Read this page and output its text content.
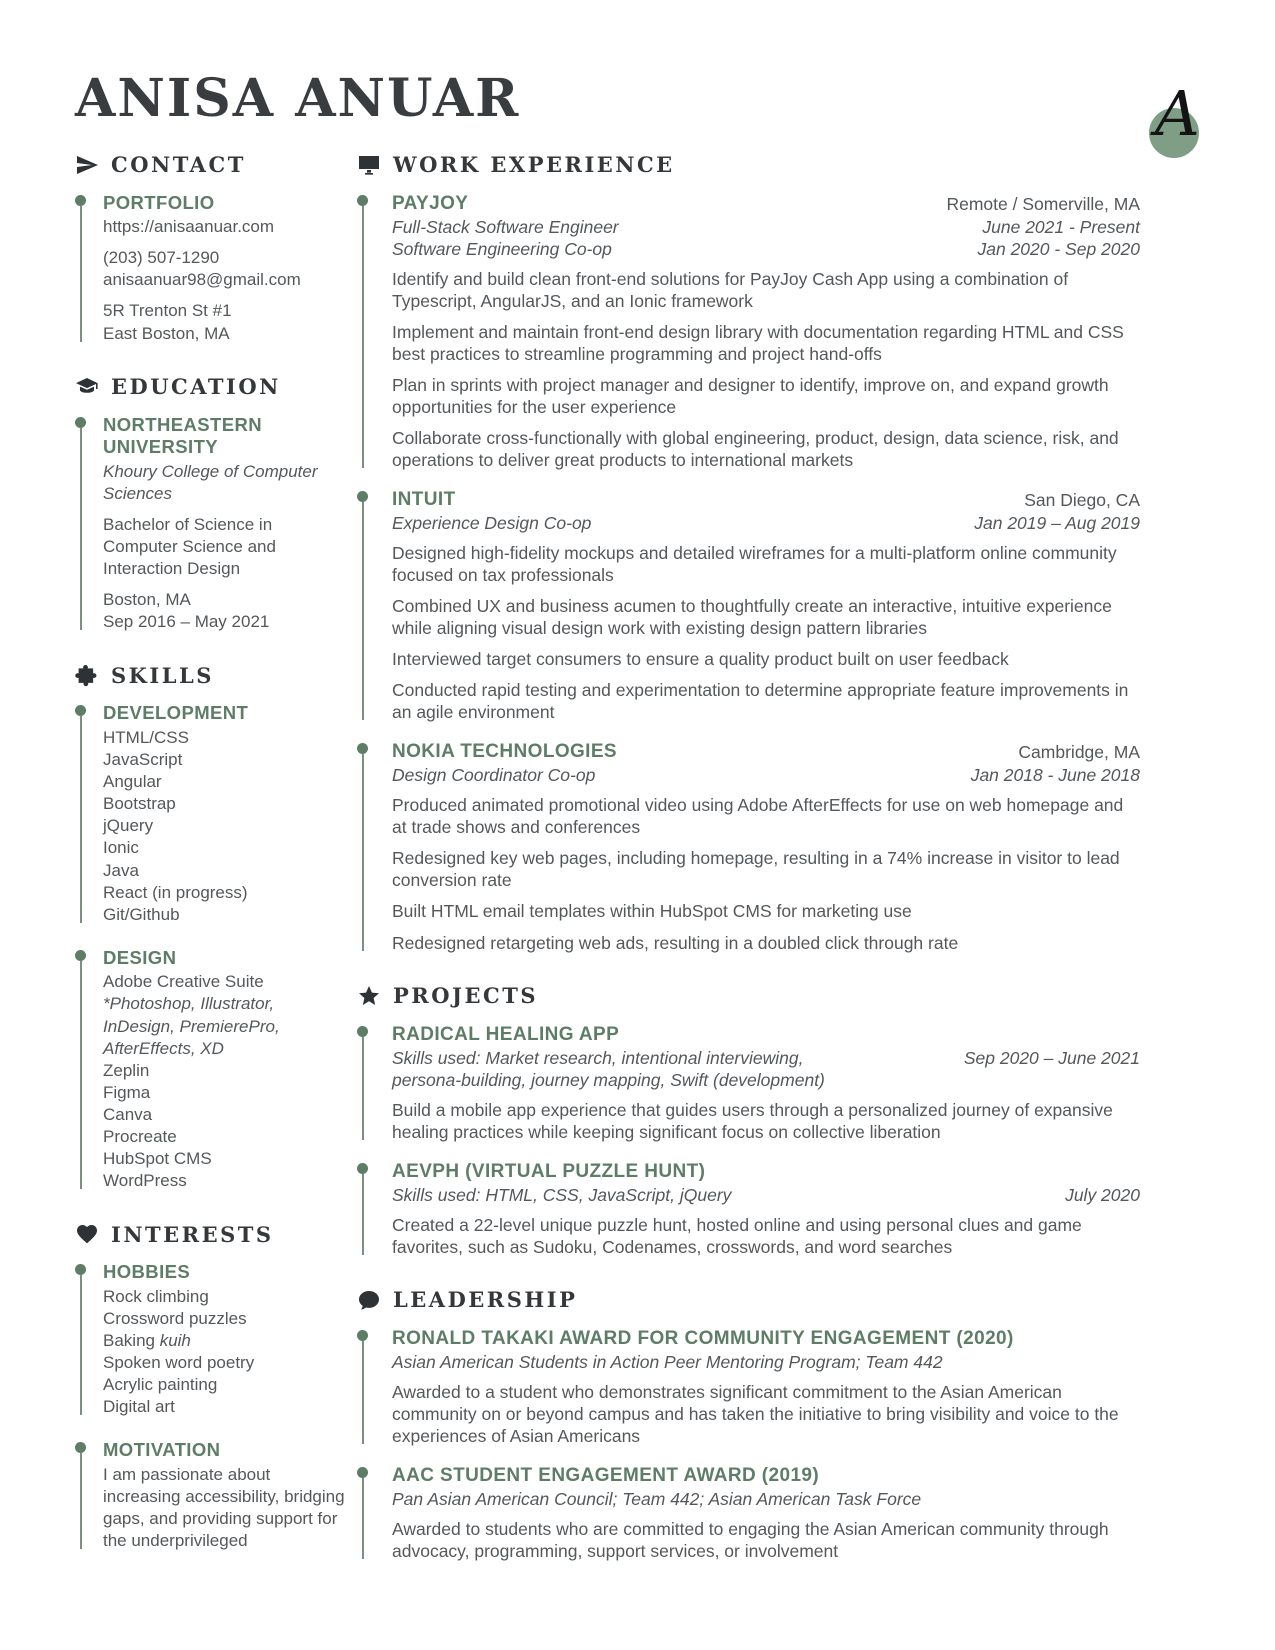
ANISA ANUAR	A
CONTACT
PORTFOLIO

https://anisaanuar.com

(203) 507-1290

anisaanuar98@gmail.com

5R Trenton St #1

East Boston, MA

EDUCATION
NORTHEASTERN UNIVERSITY

Khoury College of Computer Sciences

Bachelor of Science in Computer Science and Interaction Design

Boston, MA

Sep 2016 – May 2021

SKILLS
DEVELOPMENT

HTML/CSS

JavaScript

Angular

Bootstrap

jQuery

Ionic

Java

React (in progress)

Git/Github

DESIGN

Adobe Creative Suite

*Photoshop, Illustrator, InDesign, PremierePro, AfterEffects, XD

Zeplin

Figma

Canva

Procreate

HubSpot CMS

WordPress

INTERESTS
HOBBIES

Rock climbing

Crossword puzzles

Baking kuih

Spoken word poetry

Acrylic painting

Digital art

MOTIVATION

I am passionate about increasing accessibility, bridging gaps, and providing support for the underprivileged

WORK EXPERIENCE
PAYJOY

Full-Stack Software Engineer

Software Engineering Co-op

Remote / Somerville, MA

June 2021 - Present

Jan 2020 - Sep 2020

Identify and build clean front-end solutions for PayJoy Cash App using a combination of Typescript, AngularJS, and an Ionic framework

Implement and maintain front-end design library with documentation regarding HTML and CSS best practices to streamline programming and project hand-offs

Plan in sprints with project manager and designer to identify, improve on, and expand growth opportunities for the user experience

Collaborate cross-functionally with global engineering, product, design, data science, risk, and operations to deliver great products to international markets

INTUIT

Experience Design Co-op

San Diego, CA

Jan 2019 – Aug 2019

Designed high-fidelity mockups and detailed wireframes for a multi-platform online community focused on tax professionals

Combined UX and business acumen to thoughtfully create an interactive, intuitive experience while aligning visual design work with existing design pattern libraries

Interviewed target consumers to ensure a quality product built on user feedback

Conducted rapid testing and experimentation to determine appropriate feature improvements in an agile environment

NOKIA TECHNOLOGIES

Design Coordinator Co-op

Cambridge, MA

Jan 2018 - June 2018

Produced animated promotional video using Adobe AfterEffects for use on web homepage and at trade shows and conferences

Redesigned key web pages, including homepage, resulting in a 74% increase in visitor to lead conversion rate

Built HTML email templates within HubSpot CMS for marketing use

Redesigned retargeting web ads, resulting in a doubled click through rate

PROJECTS
RADICAL HEALING APP

Skills used: Market research, intentional interviewing,

persona-building, journey mapping, Swift (development)

Sep 2020 – June 2021

Build a mobile app experience that guides users through a personalized journey of expansive healing practices while keeping significant focus on collective liberation

AEVPH (VIRTUAL PUZZLE HUNT)

Skills used: HTML, CSS, JavaScript, jQuery

	July 2020

Created a 22-level unique puzzle hunt, hosted online and using personal clues and game favorites, such as Sudoku, Codenames, crosswords, and word searches

LEADERSHIP
RONALD TAKAKI AWARD FOR COMMUNITY ENGAGEMENT (2020)

Asian American Students in Action Peer Mentoring Program; Team 442

Awarded to a student who demonstrates significant commitment to the Asian American community on or beyond campus and has taken the initiative to bring visibility and voice to the experiences of Asian Americans

AAC STUDENT ENGAGEMENT AWARD (2019)

Pan Asian American Council; Team 442; Asian American Task Force

Awarded to students who are committed to engaging the Asian American community through advocacy, programming, support services, or involvement
